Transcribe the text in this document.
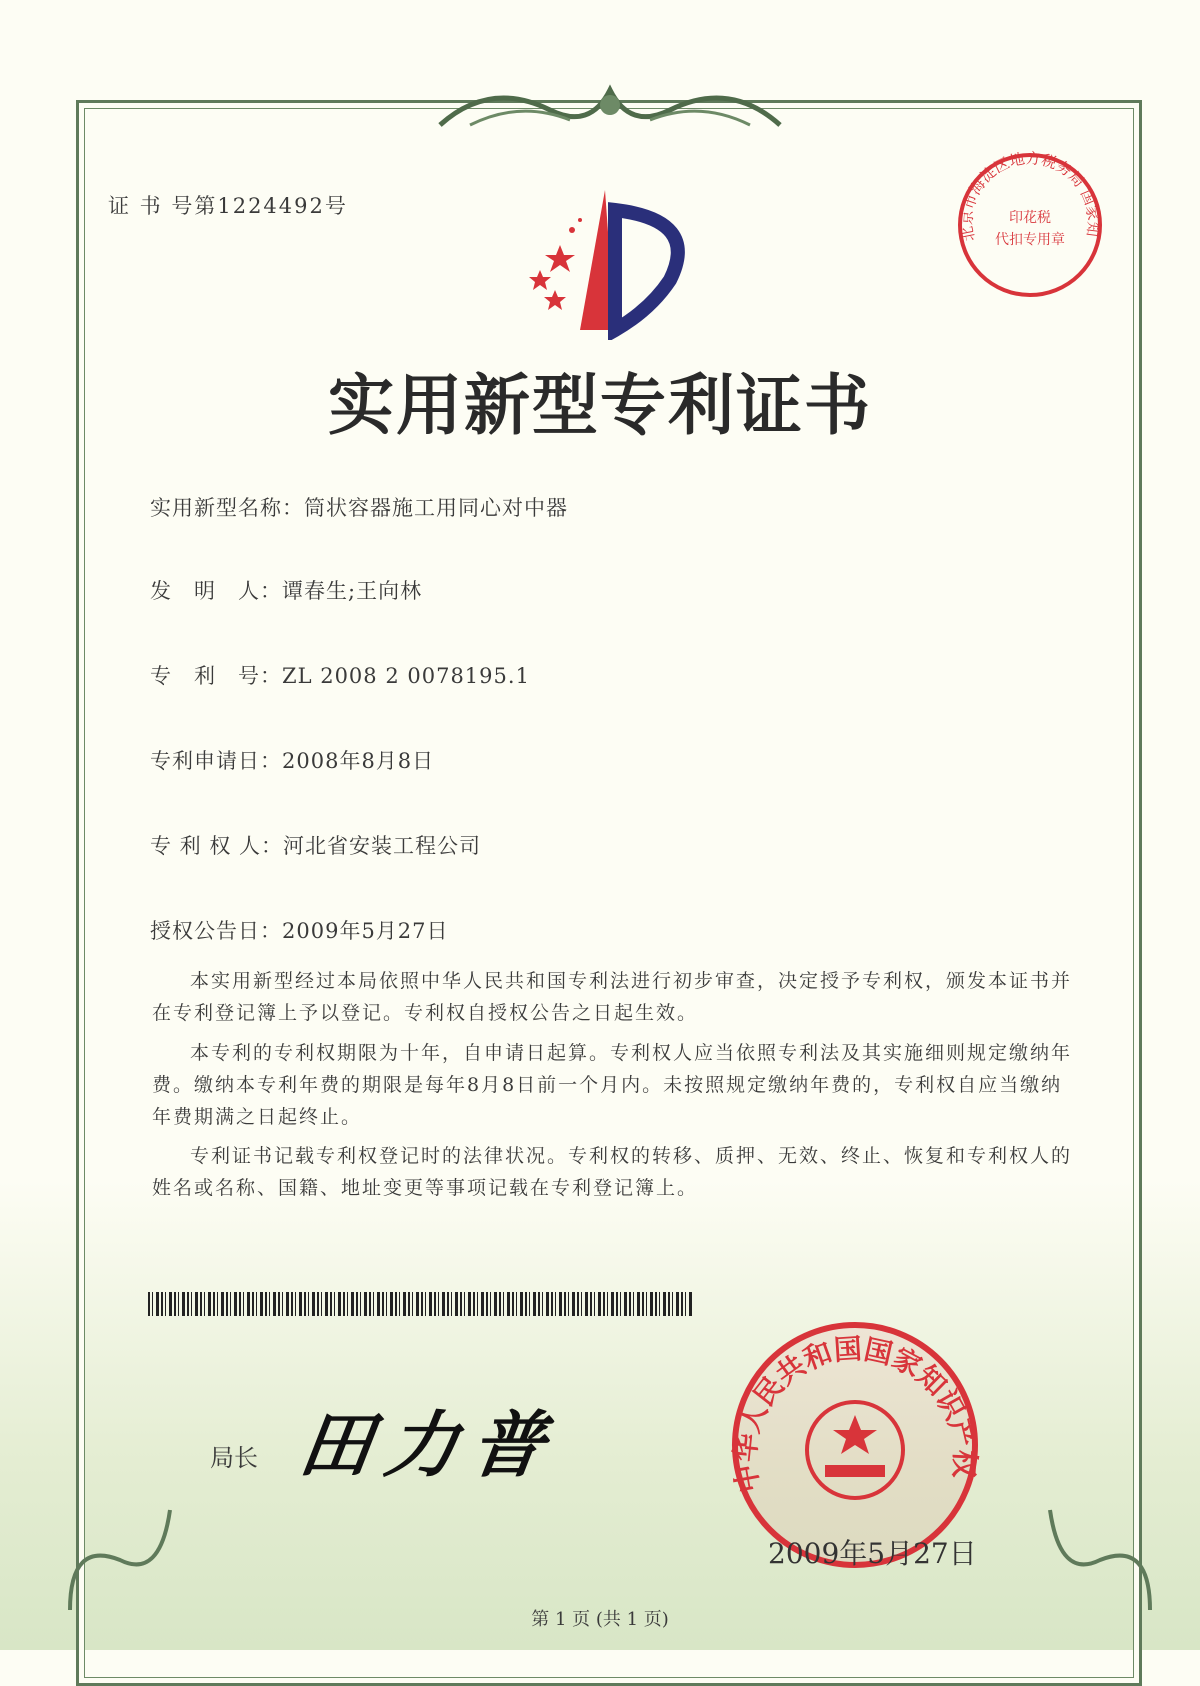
证 书 号第1224492号
北京市海淀区地方税务局 国家知
印花税
代扣专用章
实用新型专利证书
实用新型名称：筒状容器施工用同心对中器
发　明　人：谭春生;王向林
专　利　号：ZL 2008 2 0078195.1
专利申请日：2008年8月8日
专 利 权 人：河北省安装工程公司
授权公告日：2009年5月27日
本实用新型经过本局依照中华人民共和国专利法进行初步审查，决定授予专利权，颁发本证书并在专利登记簿上予以登记。专利权自授权公告之日起生效。
本专利的专利权期限为十年，自申请日起算。专利权人应当依照专利法及其实施细则规定缴纳年费。缴纳本专利年费的期限是每年8月8日前一个月内。未按照规定缴纳年费的，专利权自应当缴纳年费期满之日起终止。
专利证书记载专利权登记时的法律状况。专利权的转移、质押、无效、终止、恢复和专利权人的姓名或名称、国籍、地址变更等事项记载在专利登记簿上。
局长 田力普	中华人民共和国国家知识产权
2009年5月27日
第 1 页 (共 1 页)
